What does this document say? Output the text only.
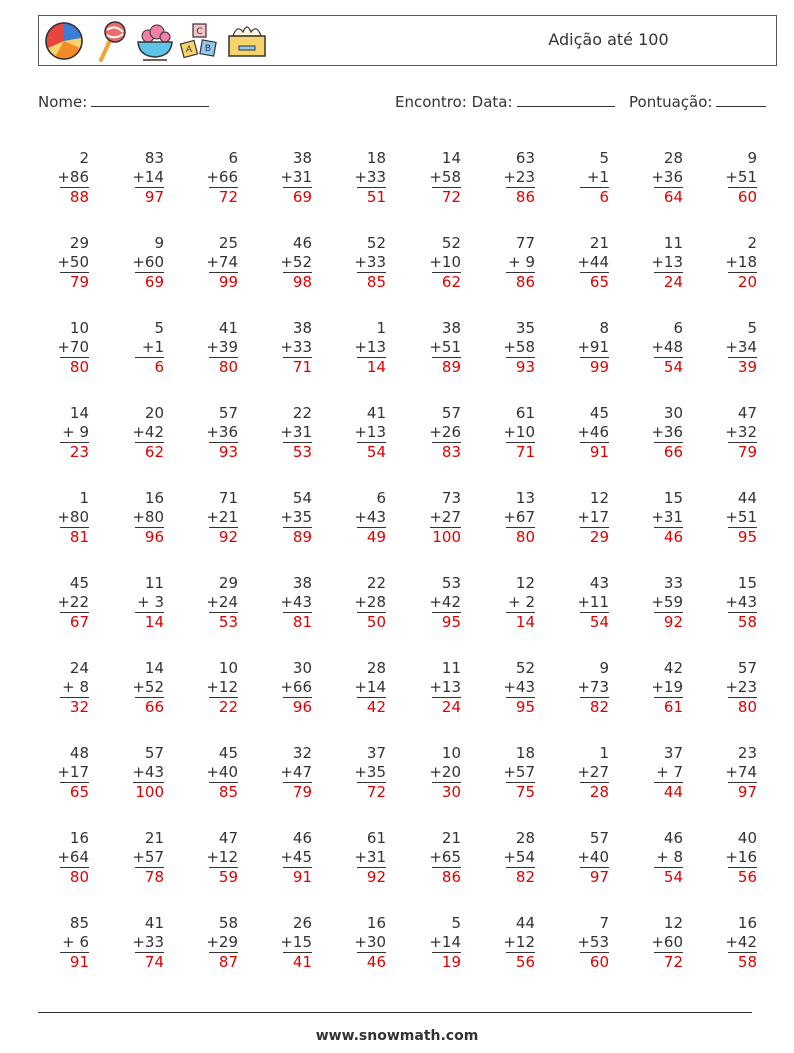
C
A B	Adição até 100
Nome:	Encontro: Data:	Pontuação:
2
+86
88
83
+14
97
6
+66
72
38
+31
69
18
+33
51
14
+58
72
63
+23
86
5
+1
6
28
+36
64
9
+51
60
29
+50
79
9
+60
69
25
+74
99
46
+52
98
52
+33
85
52
+10
62
77
+ 9
86
21
+44
65
11
+13
24
2
+18
20
10
+70
80
5
+1
6
41
+39
80
38
+33
71
1
+13
14
38
+51
89
35
+58
93
8
+91
99
6
+48
54
5
+34
39
14
+ 9
23
20
+42
62
57
+36
93
22
+31
53
41
+13
54
57
+26
83
61
+10
71
45
+46
91
30
+36
66
47
+32
79
1
+80
81
16
+80
96
71
+21
92
54
+35
89
6
+43
49
73
+27
100
13
+67
80
12
+17
29
15
+31
46
44
+51
95
45
+22
67
11
+ 3
14
29
+24
53
38
+43
81
22
+28
50
53
+42
95
12
+ 2
14
43
+11
54
33
+59
92
15
+43
58
24
+ 8
32
14
+52
66
10
+12
22
30
+66
96
28
+14
42
11
+13
24
52
+43
95
9
+73
82
42
+19
61
57
+23
80
48
+17
65
57
+43
100
45
+40
85
32
+47
79
37
+35
72
10
+20
30
18
+57
75
1
+27
28
37
+ 7
44
23
+74
97
16
+64
80
21
+57
78
47
+12
59
46
+45
91
61
+31
92
21
+65
86
28
+54
82
57
+40
97
46
+ 8
54
40
+16
56
85
+ 6
91
41
+33
74
58
+29
87
26
+15
41
16
+30
46
5
+14
19
44
+12
56
7
+53
60
12
+60
72
16
+42
58
www.snowmath.com
